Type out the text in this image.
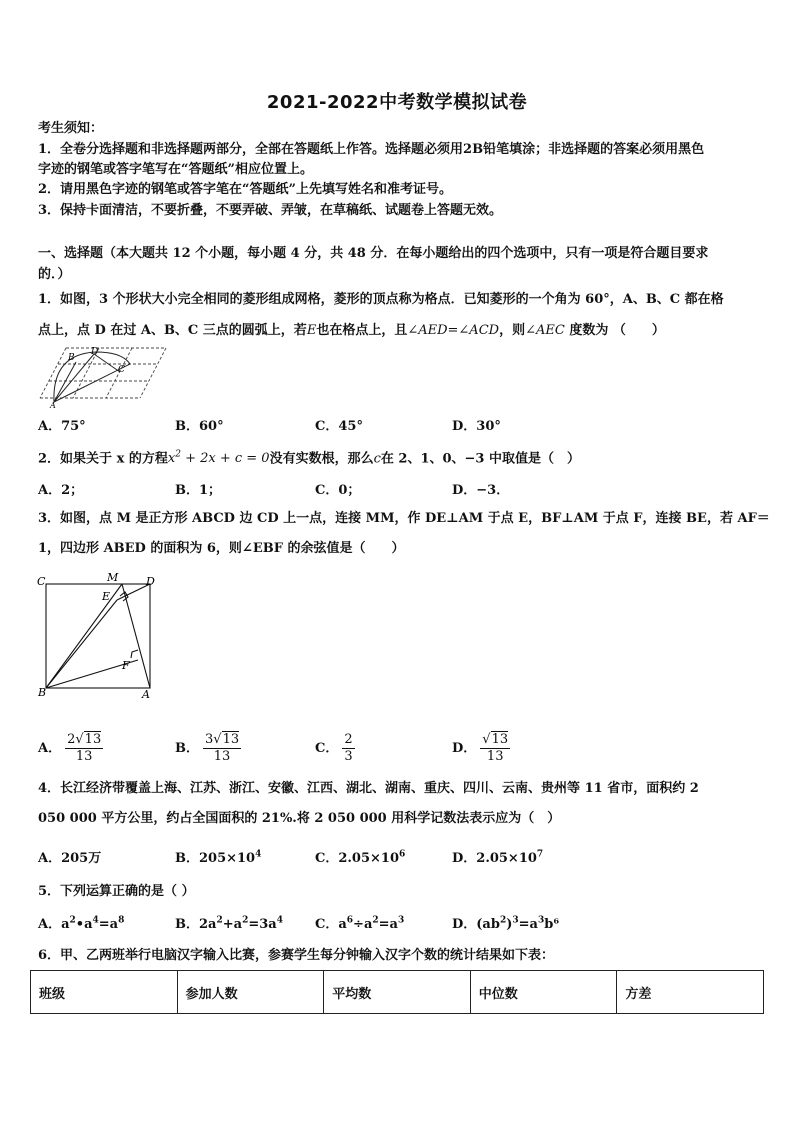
2021-2022中考数学模拟试卷
考生须知：
1．全卷分选择题和非选择题两部分，全部在答题纸上作答。选择题必须用2B铅笔填涂；非选择题的答案必须用黑色
字迹的钢笔或答字笔写在“答题纸”相应位置上。
2．请用黑色字迹的钢笔或答字笔在“答题纸”上先填写姓名和准考证号。
3．保持卡面清洁，不要折叠，不要弄破、弄皱，在草稿纸、试题卷上答题无效。
一、选择题（本大题共 12 个小题，每小题 4 分，共 48 分．在每小题给出的四个选项中，只有一项是符合题目要求
的．）
1．如图，3 个形状大小完全相同的菱形组成网格，菱形的顶点称为格点．已知菱形的一个角为 60°，A、B、C 都在格
点上，点 D 在过 A、B、C 三点的圆弧上，若E也在格点上，且∠AED=∠ACD，则∠AEC 度数为 （　　）
B
D
C
A
A．75°	B．60°	C．45°	D．30°
2．如果关于 x 的方程$x^2 + 2x + c = 0$没有实数根，那么c在 2、1、0、−3 中取值是（　）
A．2；	B．1；	C．0；	D．−3．
3．如图，点 M 是正方形 ABCD 边 CD 上一点，连接 MM，作 DE⊥AM 于点 E，BF⊥AM 于点 F，连接 BE，若 AF＝
1，四边形 ABED 的面积为 6，则∠EBF 的余弦值是（　　）
C	M	D
E
F
B	A
A． $\frac{2√13}{13}$	B． $\frac{3√13}{13}$	C． $\frac{2}{3}$	D． $\frac{√13}{13}$
4．长江经济带覆盖上海、江苏、浙江、安徽、江西、湖北、湖南、重庆、四川、云南、贵州等 11 省市，面积约 2
050 000 平方公里，约占全国面积的 21%.将 2 050 000 用科学记数法表示应为（　）
A．205万	B．$205\times 10^4$	C．$2.05\times 10^6$	D．$2.05\times 10^7$
5．下列运算正确的是（ ）
A．$a^2•a^4=a^8$	B．$2a^2+a^2=3a^4$ C．$a^6\div a^2=a^3$	D．$(ab^2)^3=a^3b^6$
6．甲、乙两班举行电脑汉字输入比赛，参赛学生每分钟输入汉字个数的统计结果如下表：
班级	参加人数	平均数	中位数	方差
